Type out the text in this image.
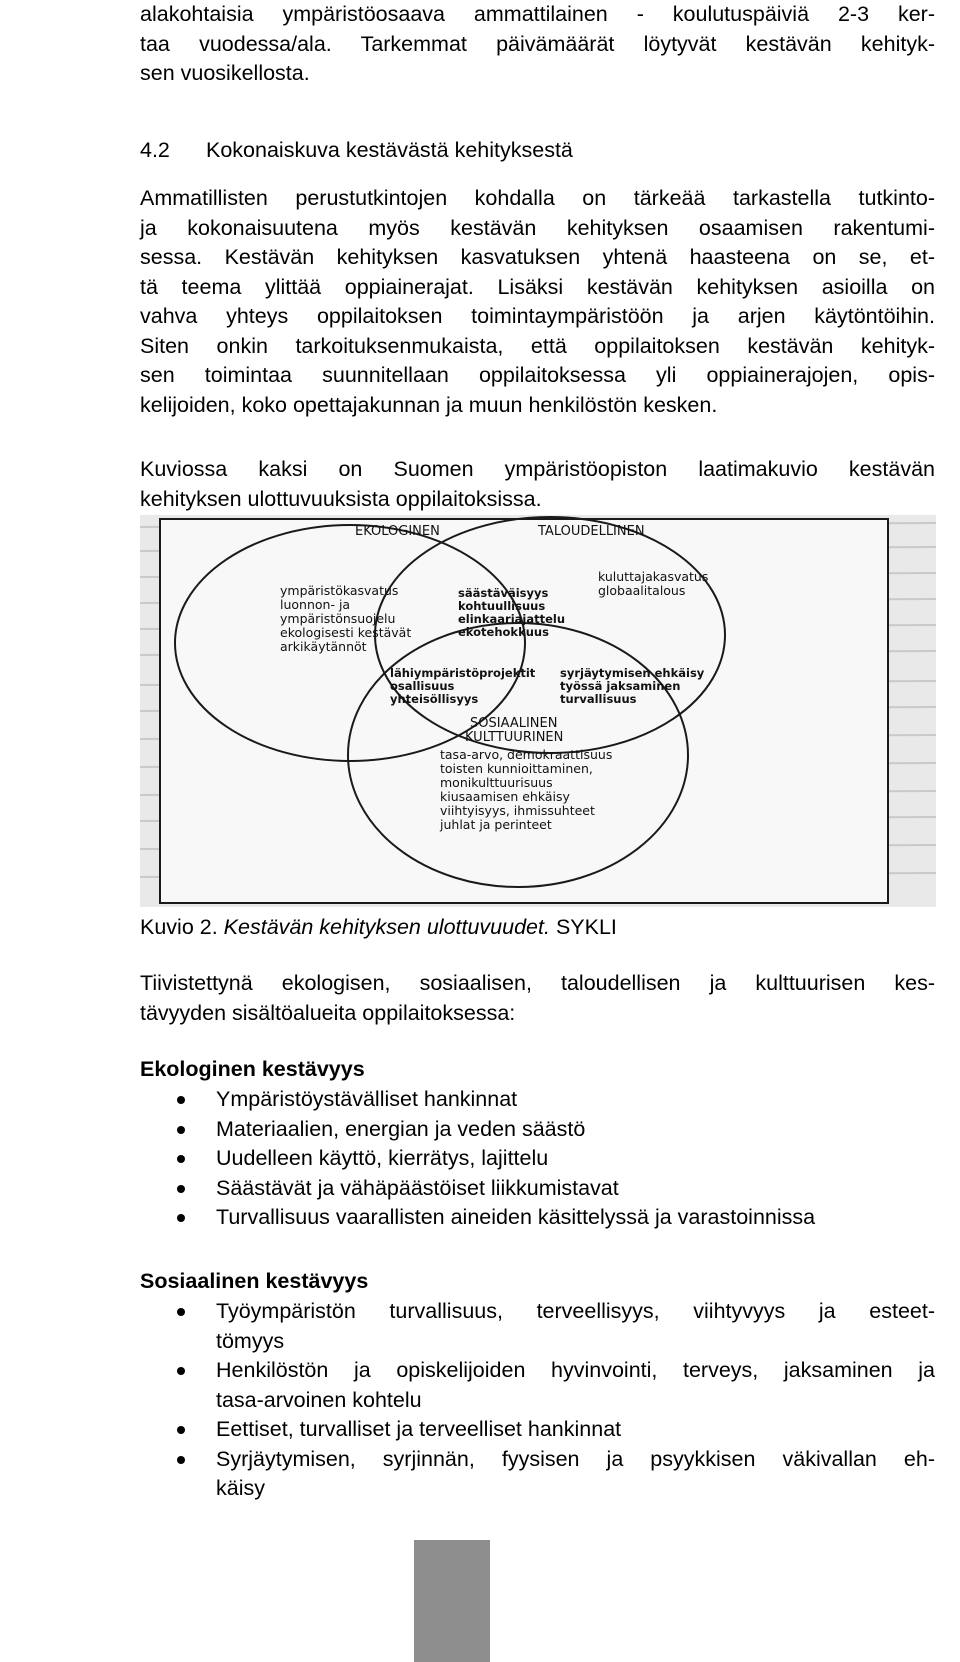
alakohtaisia ympäristöosaava ammattilainen - koulutuspäiviä 2-3 ker-
taa vuodessa/ala. Tarkemmat päivämäärät löytyvät kestävän kehityk-
sen vuosikellosta.
4.2 Kokonaiskuva kestävästä kehityksestä
Ammatillisten perustutkintojen kohdalla on tärkeää tarkastella tutkinto-
ja kokonaisuutena myös kestävän kehityksen osaamisen rakentumi-
sessa. Kestävän kehityksen kasvatuksen yhtenä haasteena on se, et-
tä teema ylittää oppiainerajat. Lisäksi kestävän kehityksen asioilla on
vahva yhteys oppilaitoksen toimintaympäristöön ja arjen käytöntöihin.
Siten onkin tarkoituksenmukaista, että oppilaitoksen kestävän kehityk-
sen toimintaa suunnitellaan oppilaitoksessa yli oppiainerajojen, opis-
kelijoiden, koko opettajakunnan ja muun henkilöstön kesken.
Kuviossa kaksi on Suomen ympäristöopiston laatimakuvio kestävän
kehityksen ulottuvuuksista oppilaitoksissa.
EKOLOGINEN	TALOUDELLINEN
ympäristökasvatus
luonnon- ja
ympäristönsuojelu
ekologisesti kestävät
arkikäytännöt
kuluttajakasvatus
globaalitalous
säästäväisyys
kohtuullisuus
elinkaariajattelu
ekotehokkuus
lähiympäristöprojektit
osallisuus
yhteisöllisyys
syrjäytymisen ehkäisy
työssä jaksaminen
turvallisuus
SOSIAALINEN
KULTTUURINEN
tasa-arvo, demokraattisuus
toisten kunnioittaminen,
monikulttuurisuus
kiusaamisen ehkäisy
viihtyisyys, ihmissuhteet
juhlat ja perinteet
Kuvio 2. Kestävän kehityksen ulottuvuudet. SYKLI
Tiivistettynä ekologisen, sosiaalisen, taloudellisen ja kulttuurisen kes-
tävyyden sisältöalueita oppilaitoksessa:
Ekologinen kestävyys
Ympäristöystävälliset hankinnat
Materiaalien, energian ja veden säästö
Uudelleen käyttö, kierrätys, lajittelu
Säästävät ja vähäpäästöiset liikkumistavat
Turvallisuus vaarallisten aineiden käsittelyssä ja varastoinnissa
Sosiaalinen kestävyys
Työympäristön turvallisuus, terveellisyys, viihtyvyys ja esteet-
tömyys
Henkilöstön ja opiskelijoiden hyvinvointi, terveys, jaksaminen ja
tasa-arvoinen kohtelu
Eettiset, turvalliset ja terveelliset hankinnat
Syrjäytymisen, syrjinnän, fyysisen ja psyykkisen väkivallan eh-
käisy
